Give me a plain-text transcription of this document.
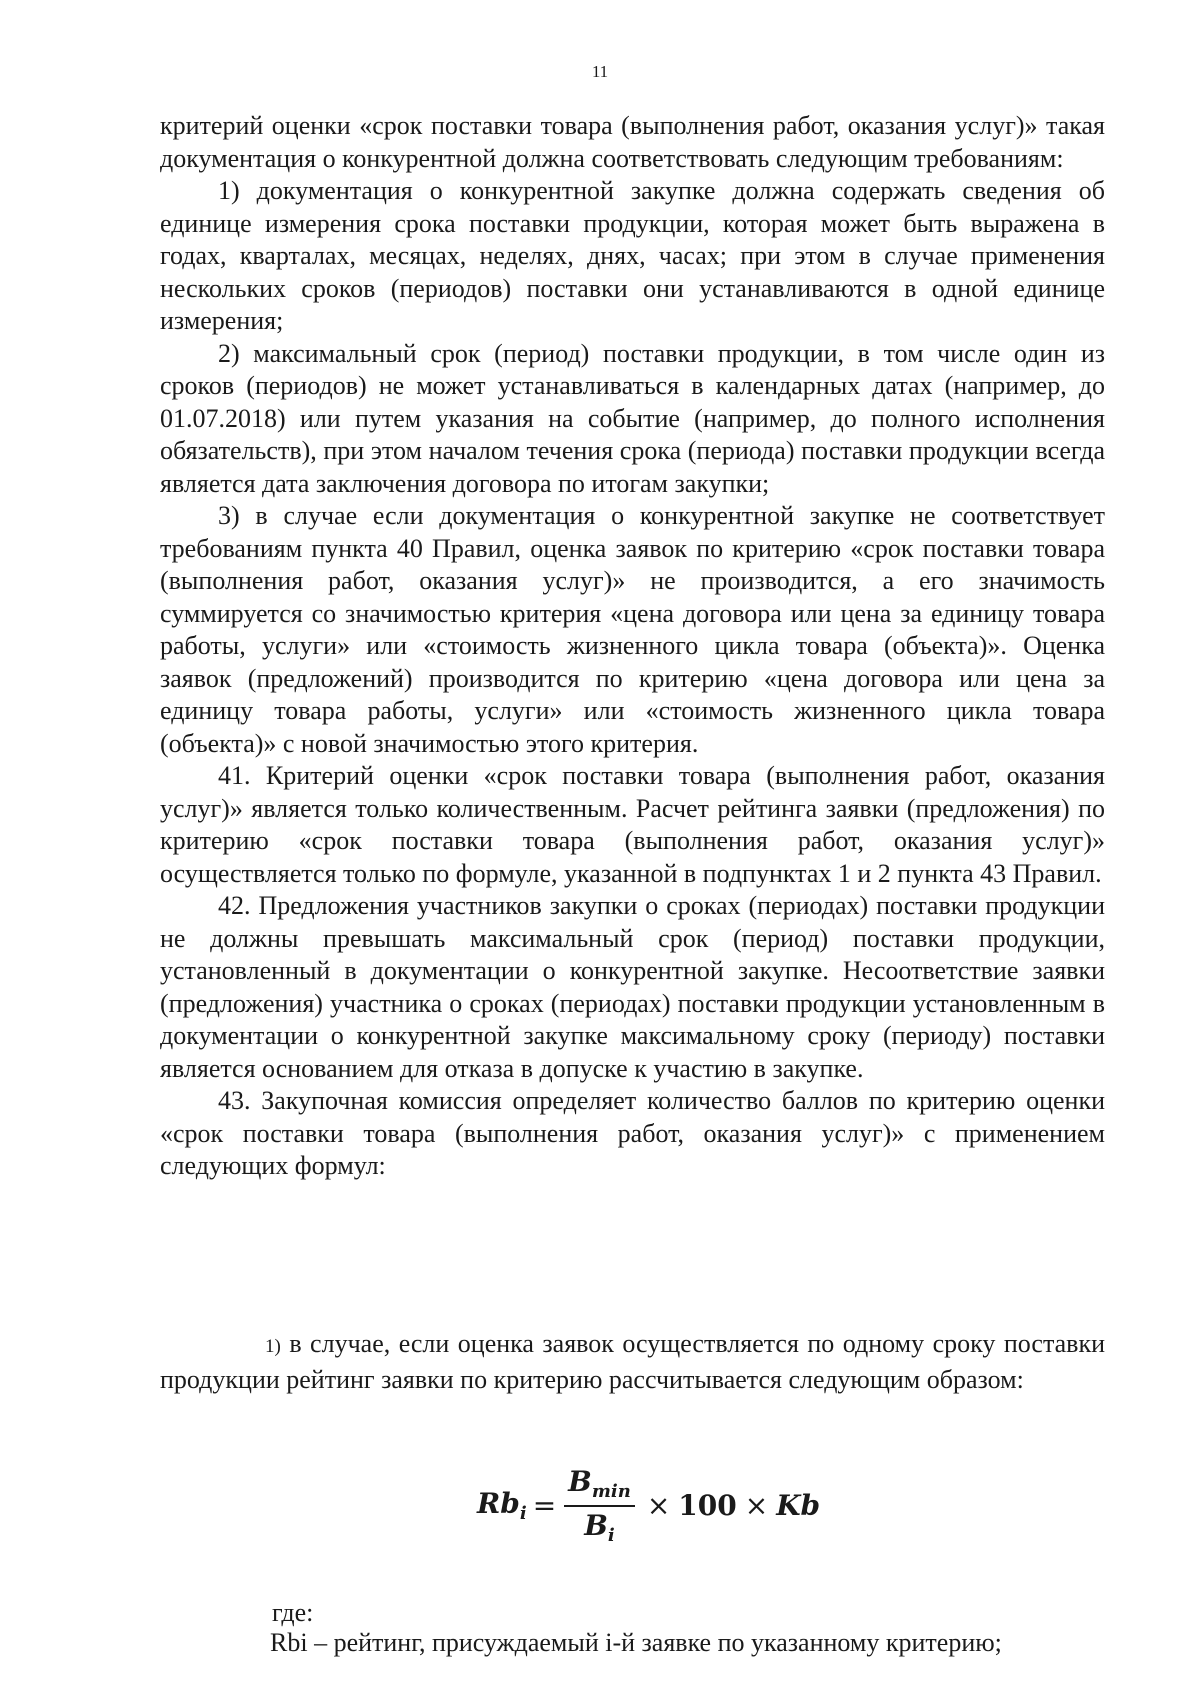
11

критерий оценки «срок поставки товара (выполнения работ, оказания услуг)» такая документация о конкурентной должна соответствовать следующим требованиям:

1) документация о конкурентной закупке должна содержать сведения об единице измерения срока поставки продукции, которая может быть выражена в годах, кварталах, месяцах, неделях, днях, часах; при этом в случае применения нескольких сроков (периодов) поставки они устанавливаются в одной единице измерения;

2) максимальный срок (период) поставки продукции, в том числе один из сроков (периодов) не может устанавливаться в календарных датах (например, до 01.07.2018) или путем указания на событие (например, до полного исполнения обязательств), при этом началом течения срока (периода) поставки продукции всегда является дата заключения договора по итогам закупки;

3) в случае если документация о конкурентной закупке не соответствует требованиям пункта 40 Правил, оценка заявок по критерию «срок поставки товара (выполнения работ, оказания услуг)» не производится, а его значимость суммируется со значимостью критерия «цена договора или цена за единицу товара работы, услуги» или «стоимость жизненного цикла товара (объекта)». Оценка заявок (предложений) производится по критерию «цена договора или цена за единицу товара работы, услуги» или «стоимость жизненного цикла товара (объекта)» с новой значимостью этого критерия.

41. Критерий оценки «срок поставки товара (выполнения работ, оказания услуг)» является только количественным. Расчет рейтинга заявки (предложения) по критерию «срок поставки товара (выполнения работ, оказания услуг)» осуществляется только по формуле, указанной в подпунктах 1 и 2 пункта 43 Правил.

42. Предложения участников закупки о сроках (периодах) поставки продукции не должны превышать максимальный срок (период) поставки продукции, установленный в документации о конкурентной закупке. Несоответствие заявки (предложения) участника о сроках (периодах) поставки продукции установленным в документации о конкурентной закупке максимальному сроку (периоду) поставки является основанием для отказа в допуске к участию в закупке.

43. Закупочная комиссия определяет количество баллов по критерию оценки «срок поставки товара (выполнения работ, оказания услуг)» с применением следующих формул:

1) в случае, если оценка заявок осуществляется по одному сроку поставки продукции рейтинг заявки по критерию рассчитывается следующим образом:

$Rb_i = \frac{B_{min}}{B_i} \times 100 \times Kb$
где:
Rbi – рейтинг, присуждаемый i-й заявке по указанному критерию;
